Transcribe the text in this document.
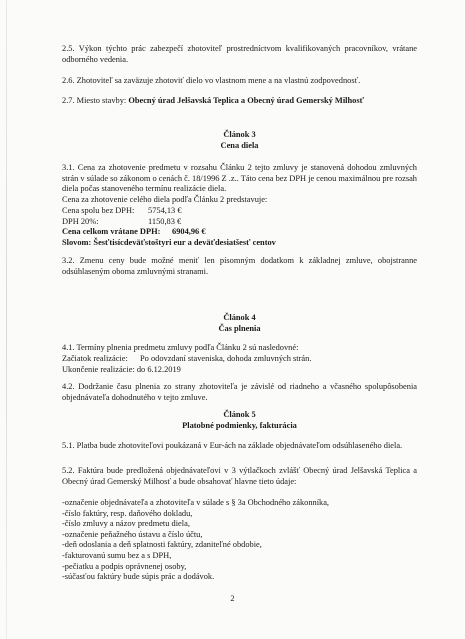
2.5. Výkon týchto prác zabezpečí zhotoviteľ prostredníctvom kvalifikovaných pracovníkov, vrátane odborného vedenia.
2.6. Zhotoviteľ sa zaväzuje zhotoviť dielo vo vlastnom mene a na vlastnú zodpovednosť.
2.7. Miesto stavby: Obecný úrad Jelšavská Teplica a Obecný úrad Gemerský Milhosť
Článok 3
Cena diela
3.1. Cena za zhotovenie predmetu v rozsahu Článku 2 tejto zmluvy je stanovená dohodou zmluvných strán v súlade so zákonom o cenách č. 18/1996 Z .z.. Táto cena bez DPH je cenou maximálnou pre rozsah diela počas stanoveného termínu realizácie diela.
Cena za zhotovenie celého diela podľa Článku 2 predstavuje:
Cena spolu bez DPH:	5754,13 €
DPH 20%:	1150,83 €
Cena celkom vrátane DPH:	6904,96 €
Slovom: Šesťtisícdeväťstoštyri eur a deväťdesiatšesť centov
3.2. Zmenu ceny bude možné meniť len písomným dodatkom k základnej zmluve, obojstranne odsúhlaseným oboma zmluvnými stranami.
Článok 4
Čas plnenia
4.1. Termíny plnenia predmetu zmluvy podľa Článku 2 sú nasledovné:
Začiatok realizácie: Po odovzdaní staveniska, dohoda zmluvných strán.
Ukončenie realizácie: do 6.12.2019
4.2. Dodržanie času plnenia zo strany zhotoviteľa je závislé od riadneho a včasného spolupôsobenia objednávateľa dohodnutého v tejto zmluve.
Článok 5
Platobné podmienky, fakturácia
5.1. Platba bude zhotoviteľovi poukázaná v Eur-ách na základe objednávateľom odsúhlaseného diela.
5.2. Faktúra bude predložená objednávateľovi v 3 výtlačkoch zvlášť Obecný úrad Jelšavská Teplica a Obecný úrad Gemerský Milhosť a bude obsahovať hlavne tieto údaje:
-označenie objednávateľa a zhotoviteľa v súlade s § 3a Obchodného zákonníka,
-číslo faktúry, resp. daňového dokladu,
-číslo zmluvy a názov predmetu diela,
-označenie peňažného ústavu a číslo účtu,
-deň odoslania a deň splatnosti faktúry, zdaniteľné obdobie,
-fakturovanú sumu bez a s DPH,
-pečiatku a podpis oprávnenej osoby,
-súčasťou faktúry bude súpis prác a dodávok.
2
